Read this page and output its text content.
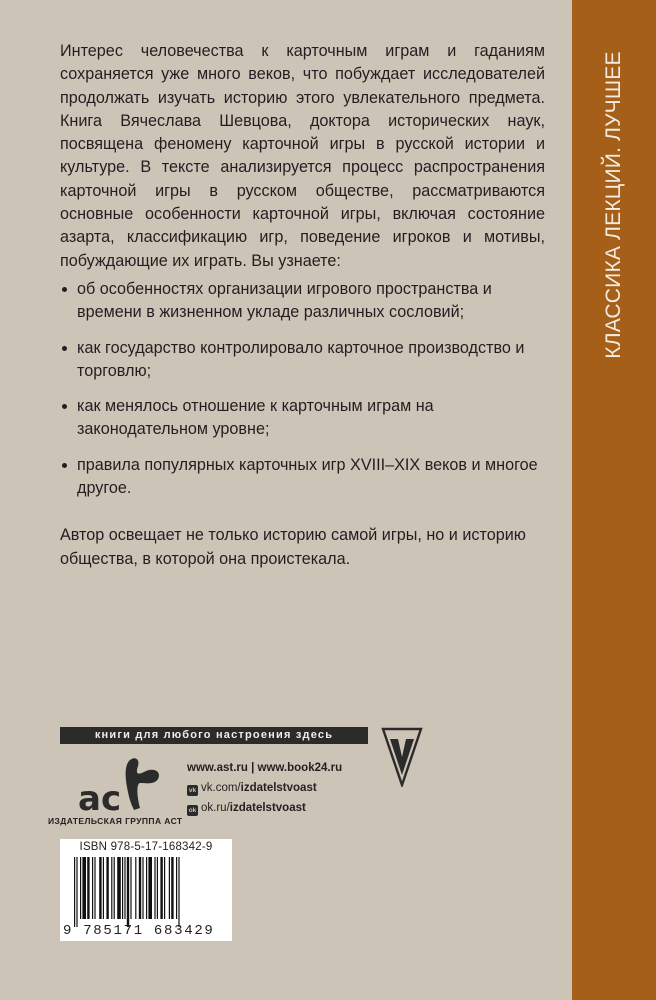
Интерес человечества к карточным играм и гаданиям сохраняется уже много веков, что побуждает исследователей продолжать изучать историю этого увлекательного предмета. Книга Вячеслава Шевцова, доктора исторических наук, посвящена феномену карточной игры в русской истории и культуре. В тексте анализируется процесс распространения карточной игры в русском обществе, рассматриваются основные особенности карточной игры, включая состояние азарта, классификацию игр, поведение игроков и мотивы, побуждающие их играть. Вы узнаете:

об особенностях организации игрового пространства и времени в жизненном укладе различных сословий;
как государство контролировало карточное производство и торговлю;
как менялось отношение к карточным играм на законодательном уровне;
правила популярных карточных игр XVIII–XIX веков и многое другое.

Автор освещает не только историю самой игры, но и историю общества, в которой она проистекала.

книги для любого настроения здесь
ac
ИЗДАТЕЛЬСКАЯ ГРУППА АСТ
www.ast.ru | www.book24.ru
vk vk.com/izdatelstvoast
ok ok.ru/izdatelstvoast
ISBN 978-5-17-168342-9
9 785171 683429
КЛАССИКА ЛЕКЦИЙ. ЛУЧШЕЕ
